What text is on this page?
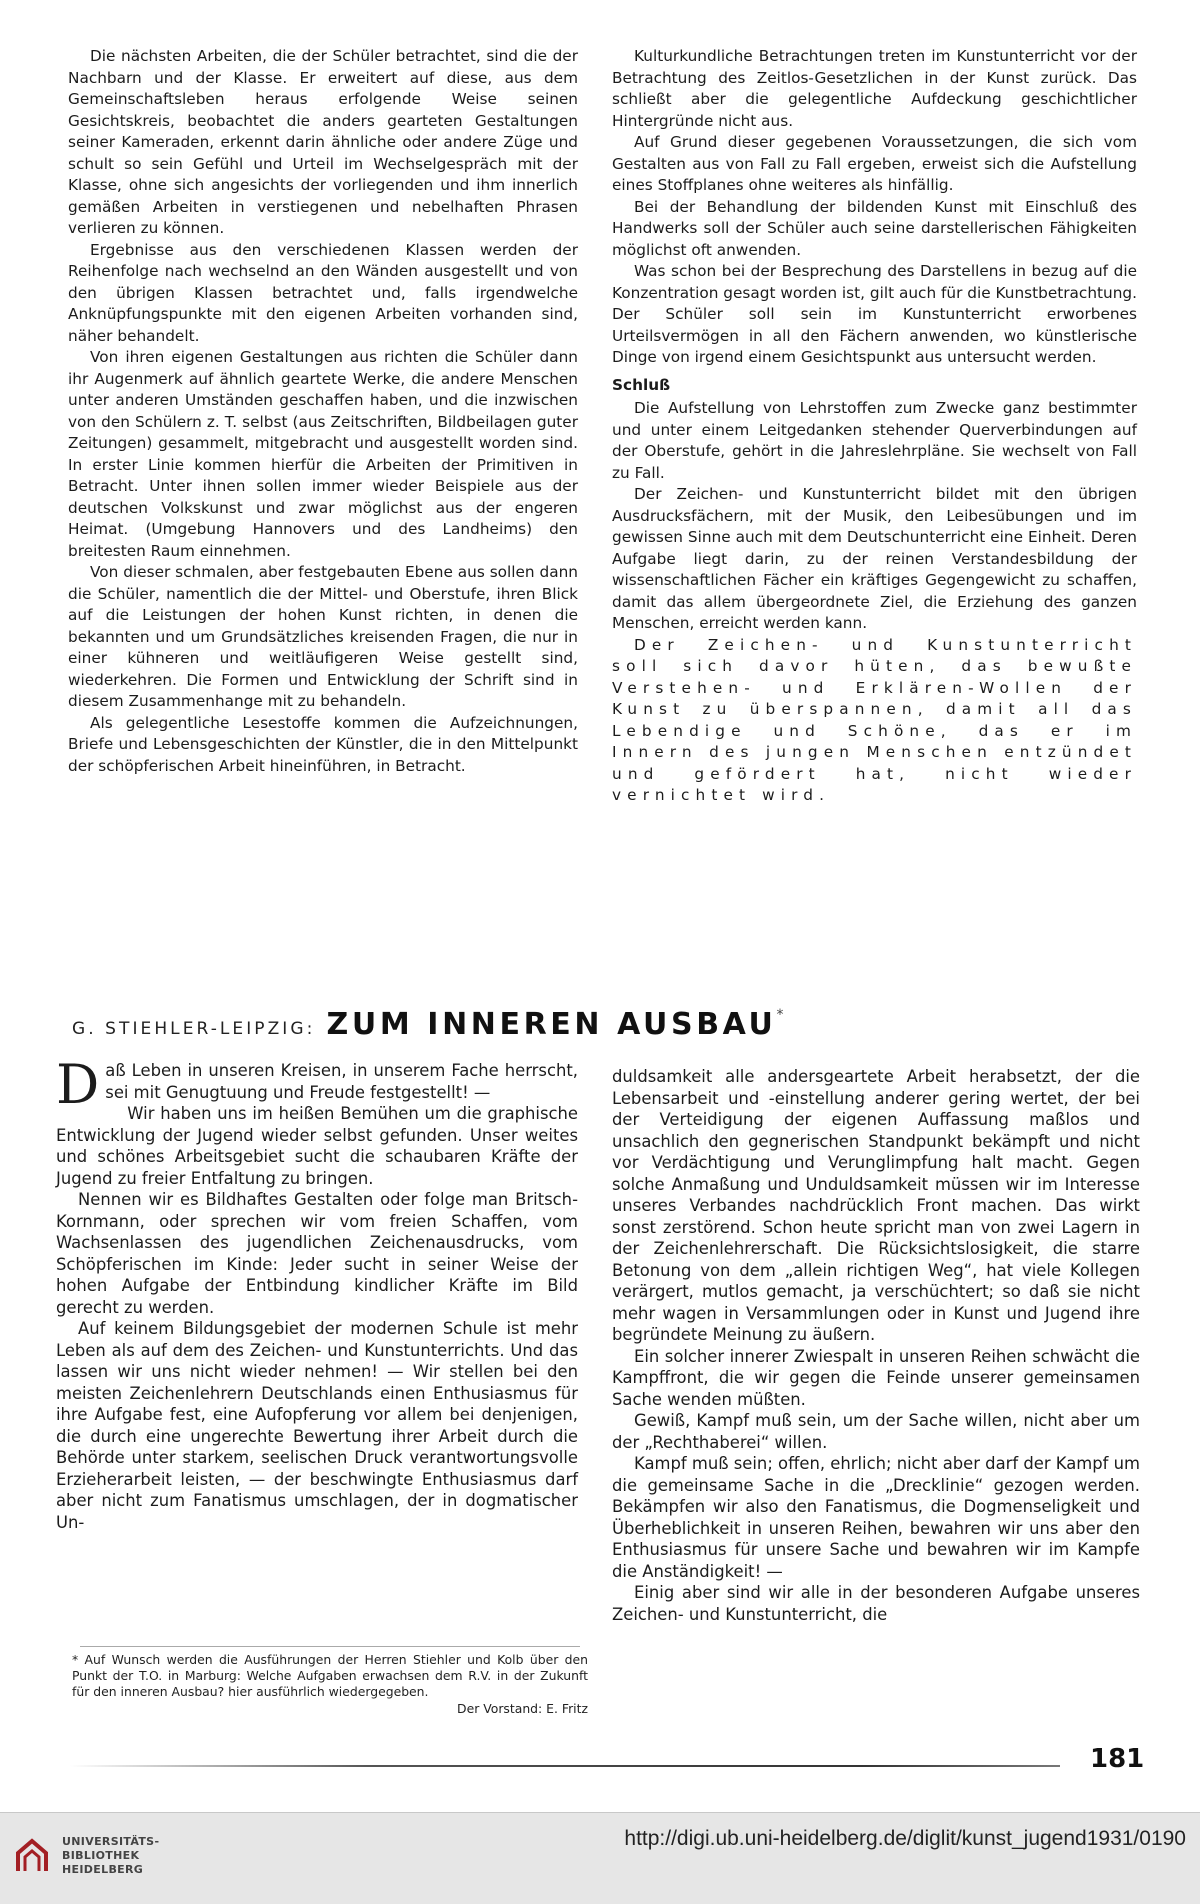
Die nächsten Arbeiten, die der Schüler betrachtet, sind die der Nachbarn und der Klasse. Er erweitert auf diese, aus dem Gemeinschaftsleben heraus erfolgende Weise seinen Gesichtskreis, beobachtet die anders gearteten Gestaltungen seiner Kameraden, erkennt darin ähnliche oder andere Züge und schult so sein Gefühl und Urteil im Wechselgespräch mit der Klasse, ohne sich angesichts der vorliegenden und ihm innerlich gemäßen Arbeiten in verstiegenen und nebelhaften Phrasen verlieren zu können.

Ergebnisse aus den verschiedenen Klassen werden der Reihenfolge nach wechselnd an den Wänden ausgestellt und von den übrigen Klassen betrachtet und, falls irgendwelche Anknüpfungspunkte mit den eigenen Arbeiten vorhanden sind, näher behandelt.

Von ihren eigenen Gestaltungen aus richten die Schüler dann ihr Augenmerk auf ähnlich geartete Werke, die andere Menschen unter anderen Umständen geschaffen haben, und die inzwischen von den Schülern z. T. selbst (aus Zeitschriften, Bildbeilagen guter Zeitungen) gesammelt, mitgebracht und ausgestellt worden sind. In erster Linie kommen hierfür die Arbeiten der Primitiven in Betracht. Unter ihnen sollen immer wieder Beispiele aus der deutschen Volkskunst und zwar möglichst aus der engeren Heimat. (Umgebung Hannovers und des Landheims) den breitesten Raum einnehmen.

Von dieser schmalen, aber festgebauten Ebene aus sollen dann die Schüler, namentlich die der Mittel- und Oberstufe, ihren Blick auf die Leistungen der hohen Kunst richten, in denen die bekannten und um Grundsätzliches kreisenden Fragen, die nur in einer kühneren und weitläufigeren Weise gestellt sind, wiederkehren. Die Formen und Entwicklung der Schrift sind in diesem Zusammenhange mit zu behandeln.

Als gelegentliche Lesestoffe kommen die Aufzeichnungen, Briefe und Lebensgeschichten der Künstler, die in den Mittelpunkt der schöpferischen Arbeit hineinführen, in Betracht.

Kulturkundliche Betrachtungen treten im Kunstunterricht vor der Betrachtung des Zeitlos-Gesetzlichen in der Kunst zurück. Das schließt aber die gelegentliche Aufdeckung geschichtlicher Hintergründe nicht aus.

Auf Grund dieser gegebenen Voraussetzungen, die sich vom Gestalten aus von Fall zu Fall ergeben, erweist sich die Aufstellung eines Stoffplanes ohne weiteres als hinfällig.

Bei der Behandlung der bildenden Kunst mit Einschluß des Handwerks soll der Schüler auch seine darstellerischen Fähigkeiten möglichst oft anwenden.

Was schon bei der Besprechung des Darstellens in bezug auf die Konzentration gesagt worden ist, gilt auch für die Kunstbetrachtung. Der Schüler soll sein im Kunstunterricht erworbenes Urteilsvermögen in all den Fächern anwenden, wo künstlerische Dinge von irgend einem Gesichtspunkt aus untersucht werden.

Schluß

Die Aufstellung von Lehrstoffen zum Zwecke ganz bestimmter und unter einem Leitgedanken stehender Querverbindungen auf der Oberstufe, gehört in die Jahreslehrpläne. Sie wechselt von Fall zu Fall.

Der Zeichen- und Kunstunterricht bildet mit den übrigen Ausdrucksfächern, mit der Musik, den Leibesübungen und im gewissen Sinne auch mit dem Deutschunterricht eine Einheit. Deren Aufgabe liegt darin, zu der reinen Verstandesbildung der wissenschaftlichen Fächer ein kräftiges Gegengewicht zu schaffen, damit das allem übergeordnete Ziel, die Erziehung des ganzen Menschen, erreicht werden kann.

Der Zeichen- und Kunstunterricht soll sich davor hüten, das bewußte Verstehen- und Erklären-Wollen der Kunst zu überspannen, damit all das Lebendige und Schöne, das er im Innern des jungen Menschen entzündet und gefördert hat, nicht wieder vernichtet wird.

G. STIEHLER-LEIPZIG: ZUM INNEREN AUSBAU*

Daß Leben in unseren Kreisen, in unserem Fache herrscht, sei mit Genugtuung und Freude festgestellt! —

Wir haben uns im heißen Bemühen um die graphische Entwicklung der Jugend wieder selbst gefunden. Unser weites und schönes Arbeitsgebiet sucht die schaubaren Kräfte der Jugend zu freier Entfaltung zu bringen.

Nennen wir es Bildhaftes Gestalten oder folge man Britsch-Kornmann, oder sprechen wir vom freien Schaffen, vom Wachsenlassen des jugendlichen Zeichenausdrucks, vom Schöpferischen im Kinde: Jeder sucht in seiner Weise der hohen Aufgabe der Entbindung kindlicher Kräfte im Bild gerecht zu werden.

Auf keinem Bildungsgebiet der modernen Schule ist mehr Leben als auf dem des Zeichen- und Kunstunterrichts. Und das lassen wir uns nicht wieder nehmen! — Wir stellen bei den meisten Zeichenlehrern Deutschlands einen Enthusiasmus für ihre Aufgabe fest, eine Aufopferung vor allem bei denjenigen, die durch eine ungerechte Bewertung ihrer Arbeit durch die Behörde unter starkem, seelischen Druck verantwortungsvolle Erzieherarbeit leisten, — der beschwingte Enthusiasmus darf aber nicht zum Fanatismus umschlagen, der in dogmatischer Un-

duldsamkeit alle andersgeartete Arbeit herabsetzt, der die Lebensarbeit und -einstellung anderer gering wertet, der bei der Verteidigung der eigenen Auffassung maßlos und unsachlich den gegnerischen Standpunkt bekämpft und nicht vor Verdächtigung und Verunglimpfung halt macht. Gegen solche Anmaßung und Unduldsamkeit müssen wir im Interesse unseres Verbandes nachdrücklich Front machen. Das wirkt sonst zerstörend. Schon heute spricht man von zwei Lagern in der Zeichenlehrerschaft. Die Rücksichtslosigkeit, die starre Betonung von dem „allein richtigen Weg“, hat viele Kollegen verärgert, mutlos gemacht, ja verschüchtert; so daß sie nicht mehr wagen in Versammlungen oder in Kunst und Jugend ihre begründete Meinung zu äußern.

Ein solcher innerer Zwiespalt in unseren Reihen schwächt die Kampffront, die wir gegen die Feinde unserer gemeinsamen Sache wenden müßten.

Gewiß, Kampf muß sein, um der Sache willen, nicht aber um der „Rechthaberei“ willen.

Kampf muß sein; offen, ehrlich; nicht aber darf der Kampf um die gemeinsame Sache in die „Drecklinie“ gezogen werden. Bekämpfen wir also den Fanatismus, die Dogmenseligkeit und Überheblichkeit in unseren Reihen, bewahren wir uns aber den Enthusiasmus für unsere Sache und bewahren wir im Kampfe die Anständigkeit! —

Einig aber sind wir alle in der besonderen Aufgabe unseres Zeichen- und Kunstunterricht, die

* Auf Wunsch werden die Ausführungen der Herren Stiehler und Kolb über den Punkt der T.O. in Marburg: Welche Aufgaben erwachsen dem R.V. in der Zukunft für den inneren Ausbau? hier ausführlich wiedergegeben.
Der Vorstand: E. Fritz
181
UNIVERSITÄTS-
BIBLIOTHEK
HEIDELBERG
http://digi.ub.uni-heidelberg.de/diglit/kunst_jugend1931/0190
